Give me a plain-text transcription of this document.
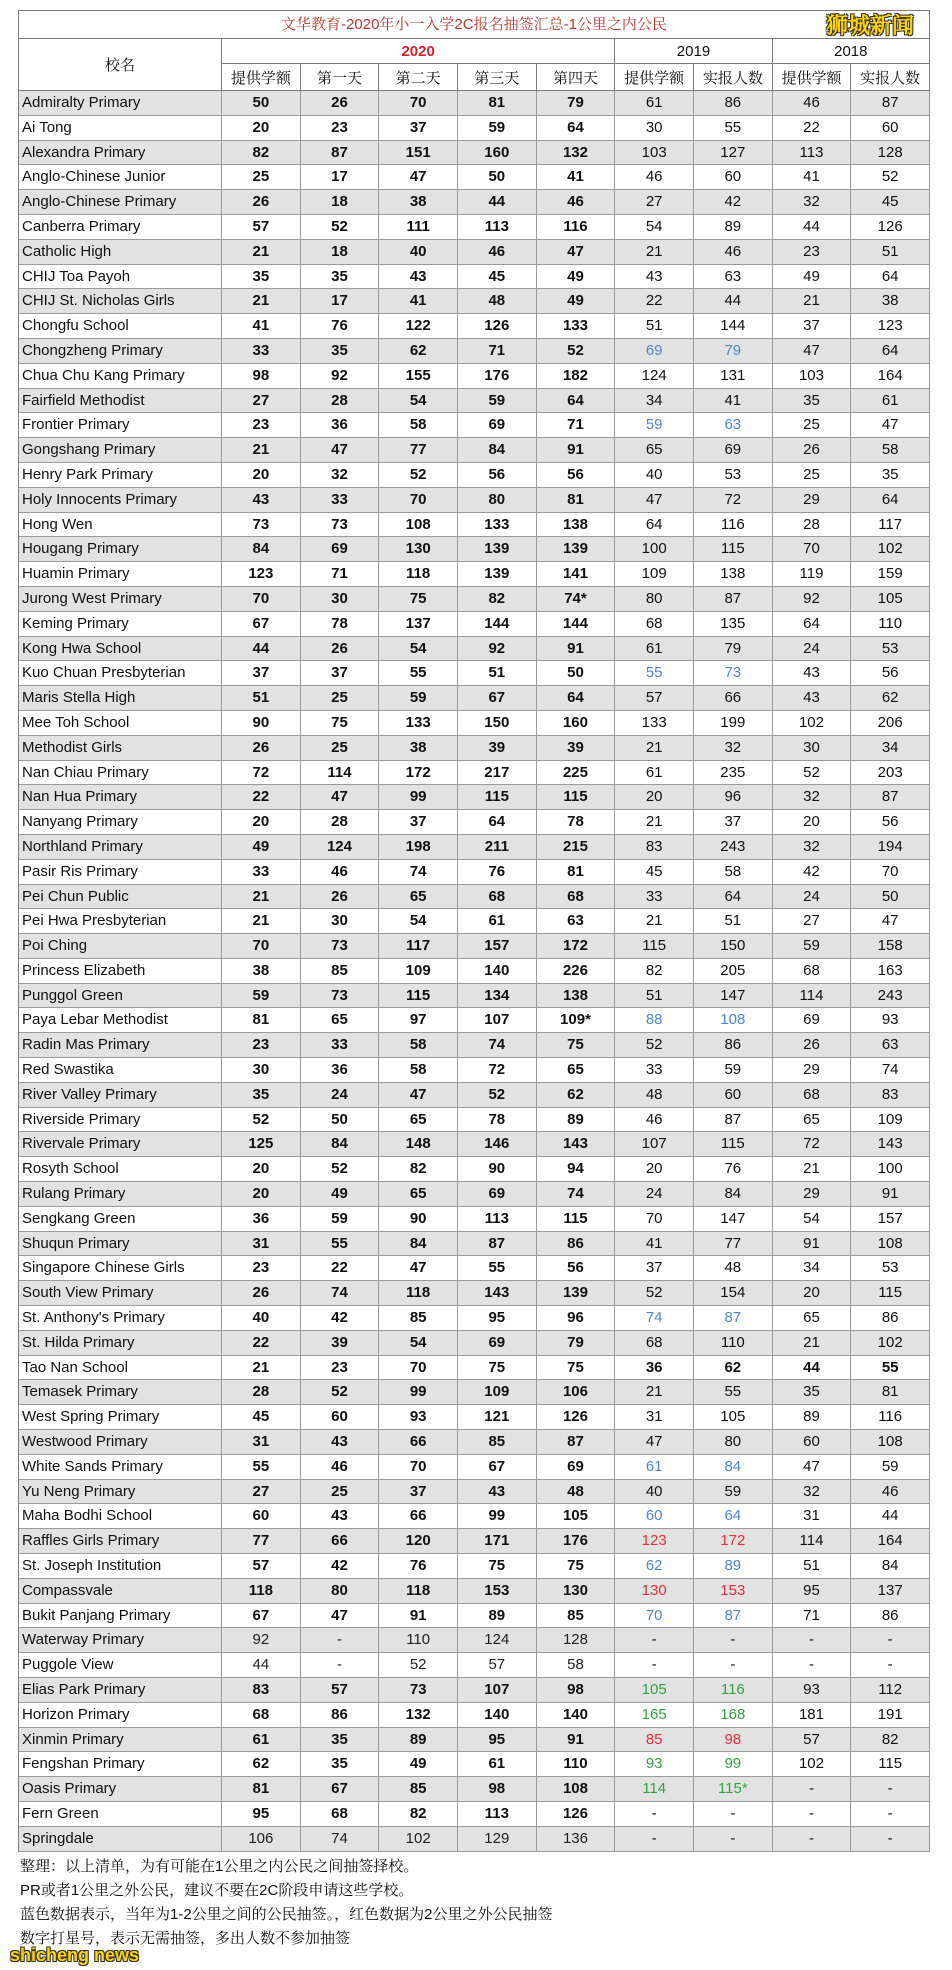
文华教育-2020年小一入学2C报名抽签汇总-1公里之内公民
校名
2020	2019	2018
提供学额	第一天	第二天	第三天	第四天	提供学额	实报人数	提供学额	实报人数
Admiralty Primary	50	26	70	81	79	61	86	46	87
Ai Tong	20	23	37	59	64	30	55	22	60
Alexandra Primary	82	87	151	160	132	103	127	113	128
Anglo-Chinese Junior	25	17	47	50	41	46	60	41	52
Anglo-Chinese Primary	26	18	38	44	46	27	42	32	45
Canberra Primary	57	52	111	113	116	54	89	44	126
Catholic High	21	18	40	46	47	21	46	23	51
CHIJ Toa Payoh	35	35	43	45	49	43	63	49	64
CHIJ St. Nicholas Girls	21	17	41	48	49	22	44	21	38
Chongfu School	41	76	122	126	133	51	144	37	123
Chongzheng Primary	33	35	62	71	52	69	79	47	64
Chua Chu Kang Primary	98	92	155	176	182	124	131	103	164
Fairfield Methodist	27	28	54	59	64	34	41	35	61
Frontier Primary	23	36	58	69	71	59	63	25	47
Gongshang Primary	21	47	77	84	91	65	69	26	58
Henry Park Primary	20	32	52	56	56	40	53	25	35
Holy Innocents Primary	43	33	70	80	81	47	72	29	64
Hong Wen	73	73	108	133	138	64	116	28	117
Hougang Primary	84	69	130	139	139	100	115	70	102
Huamin Primary	123	71	118	139	141	109	138	119	159
Jurong West Primary	70	30	75	82	74*	80	87	92	105
Keming Primary	67	78	137	144	144	68	135	64	110
Kong Hwa School	44	26	54	92	91	61	79	24	53
Kuo Chuan Presbyterian	37	37	55	51	50	55	73	43	56
Maris Stella High	51	25	59	67	64	57	66	43	62
Mee Toh School	90	75	133	150	160	133	199	102	206
Methodist Girls	26	25	38	39	39	21	32	30	34
Nan Chiau Primary	72	114	172	217	225	61	235	52	203
Nan Hua Primary	22	47	99	115	115	20	96	32	87
Nanyang Primary	20	28	37	64	78	21	37	20	56
Northland Primary	49	124	198	211	215	83	243	32	194
Pasir Ris Primary	33	46	74	76	81	45	58	42	70
Pei Chun Public	21	26	65	68	68	33	64	24	50
Pei Hwa Presbyterian	21	30	54	61	63	21	51	27	47
Poi Ching	70	73	117	157	172	115	150	59	158
Princess Elizabeth	38	85	109	140	226	82	205	68	163
Punggol Green	59	73	115	134	138	51	147	114	243
Paya Lebar Methodist	81	65	97	107	109*	88	108	69	93
Radin Mas Primary	23	33	58	74	75	52	86	26	63
Red Swastika	30	36	58	72	65	33	59	29	74
River Valley Primary	35	24	47	52	62	48	60	68	83
Riverside Primary	52	50	65	78	89	46	87	65	109
Rivervale Primary	125	84	148	146	143	107	115	72	143
Rosyth School	20	52	82	90	94	20	76	21	100
Rulang Primary	20	49	65	69	74	24	84	29	91
Sengkang Green	36	59	90	113	115	70	147	54	157
Shuqun Primary	31	55	84	87	86	41	77	91	108
Singapore Chinese Girls	23	22	47	55	56	37	48	34	53
South View Primary	26	74	118	143	139	52	154	20	115
St. Anthony's Primary	40	42	85	95	96	74	87	65	86
St. Hilda Primary	22	39	54	69	79	68	110	21	102
Tao Nan School	21	23	70	75	75	36	62	44	55
Temasek Primary	28	52	99	109	106	21	55	35	81
West Spring Primary	45	60	93	121	126	31	105	89	116
Westwood Primary	31	43	66	85	87	47	80	60	108
White Sands Primary	55	46	70	67	69	61	84	47	59
Yu Neng Primary	27	25	37	43	48	40	59	32	46
Maha Bodhi School	60	43	66	99	105	60	64	31	44
Raffles Girls Primary	77	66	120	171	176	123	172	114	164
St. Joseph Institution	57	42	76	75	75	62	89	51	84
Compassvale	118	80	118	153	130	130	153	95	137
Bukit Panjang Primary	67	47	91	89	85	70	87	71	86
Waterway Primary	92	-	110	124	128	-	-	-	-
Puggole View	44	-	52	57	58	-	-	-	-
Elias Park Primary	83	57	73	107	98	105	116	93	112
Horizon Primary	68	86	132	140	140	165	168	181	191
Xinmin Primary	61	35	89	95	91	85	98	57	82
Fengshan Primary	62	35	49	61	110	93	99	102	115
Oasis Primary	81	67	85	98	108	114	115*	-	-
Fern Green	95	68	82	113	126	-	-	-	-
Springdale	106	74	102	129	136	-	-	-	-
整理：以上清单，为有可能在1公里之内公民之间抽签择校。
PR或者1公里之外公民，建议不要在2C阶段申请这些学校。
蓝色数据表示，当年为1-2公里之间的公民抽签。，红色数据为2公里之外公民抽签
数字打星号，表示无需抽签，多出人数不参加抽签
狮城新闻
shicheng news
